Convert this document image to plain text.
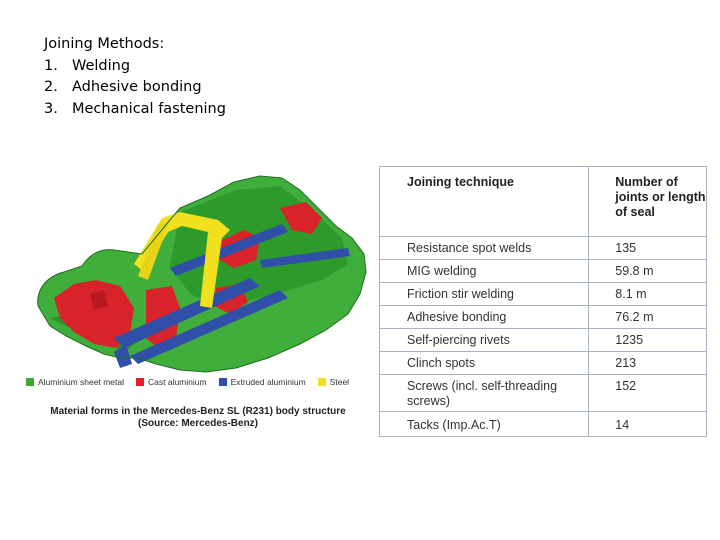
Joining Methods:
1. Welding
2. Adhesive bonding
3. Mechanical fastening
Aluminium sheet metal	Cast aluminium	Extruded aluminium	Steel
Material forms in the Mercedes-Benz SL (R231) body structure
(Source: Mercedes-Benz)
Joining technique	Number of joints or length of seal
Resistance spot welds	135
MIG welding	59.8 m
Friction stir welding	8.1 m
Adhesive bonding	76.2 m
Self-piercing rivets	1235
Clinch spots	213
Screws (incl. self-threading screws)	152
Tacks (Imp.Ac.T)	14
